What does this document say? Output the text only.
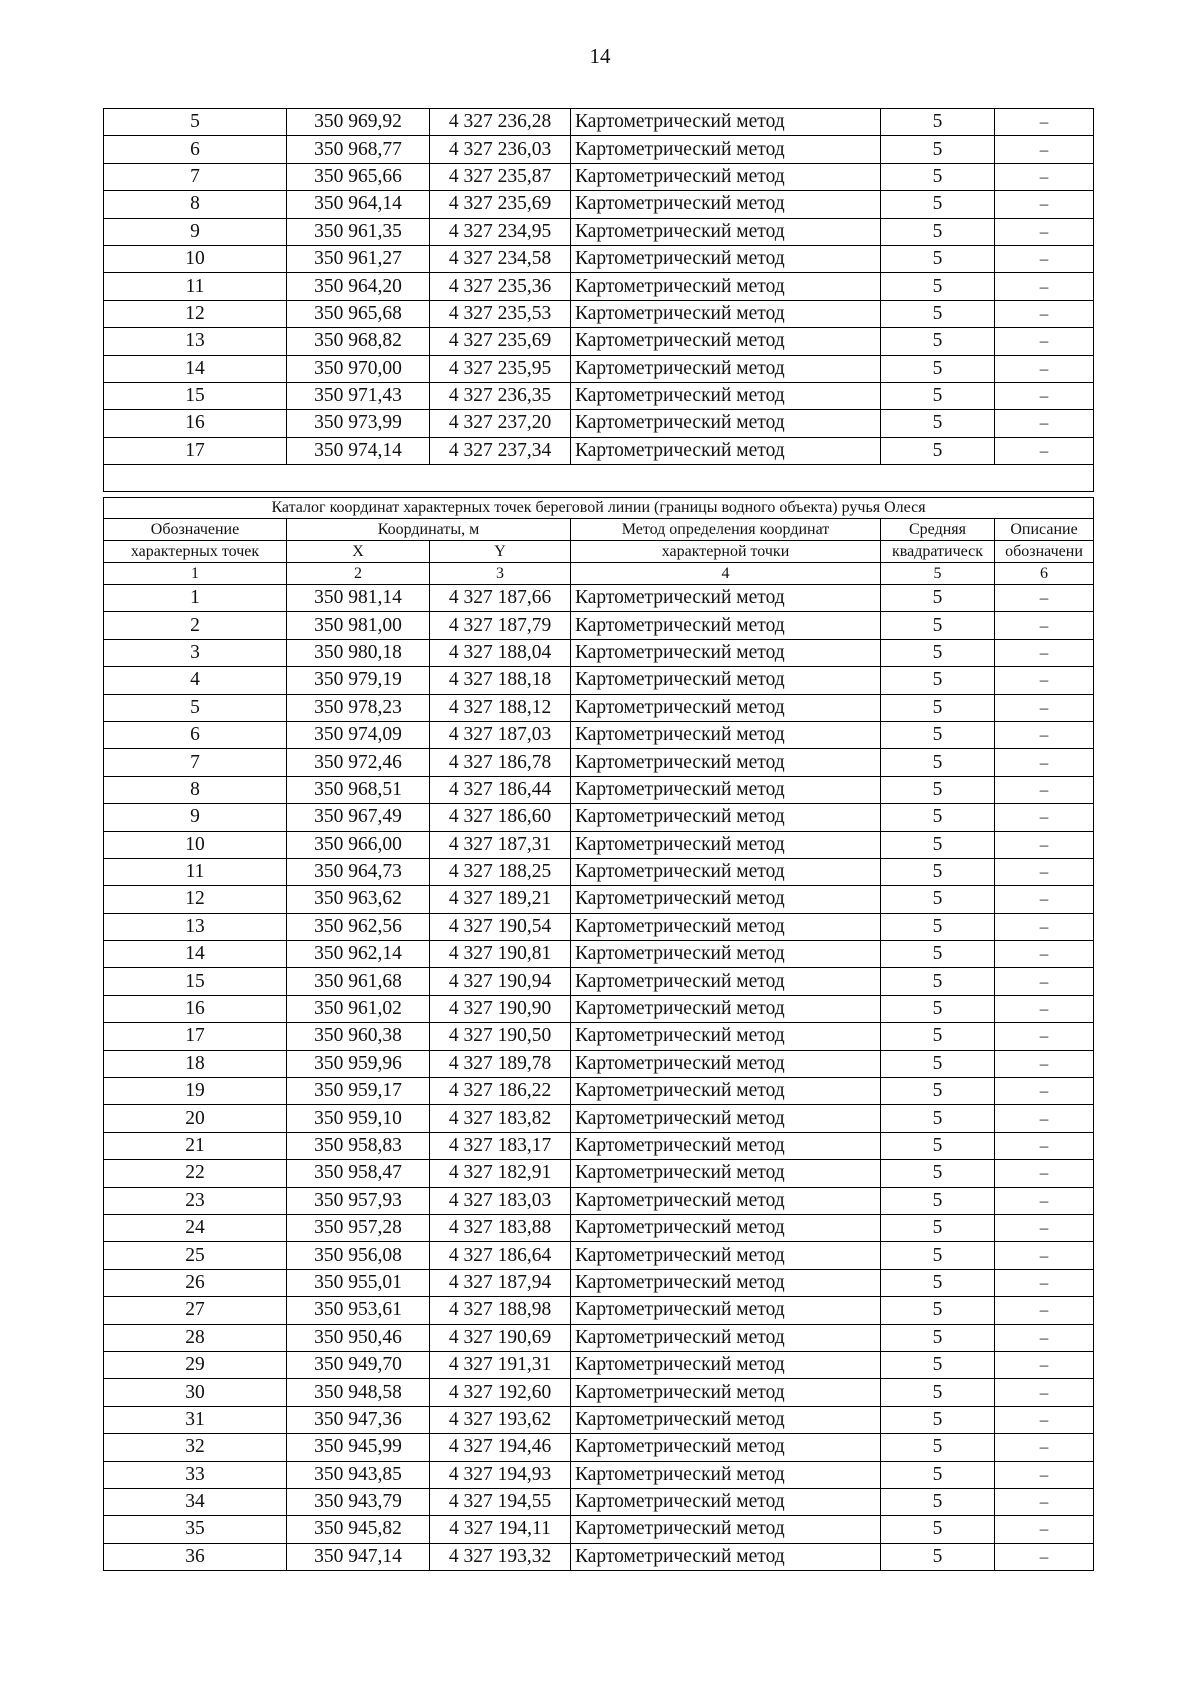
14
5	350 969,92	4 327 236,28	Картометрический метод	5	–
6	350 968,77	4 327 236,03	Картометрический метод	5	–
7	350 965,66	4 327 235,87	Картометрический метод	5	–
8	350 964,14	4 327 235,69	Картометрический метод	5	–
9	350 961,35	4 327 234,95	Картометрический метод	5	–
10	350 961,27	4 327 234,58	Картометрический метод	5	–
11	350 964,20	4 327 235,36	Картометрический метод	5	–
12	350 965,68	4 327 235,53	Картометрический метод	5	–
13	350 968,82	4 327 235,69	Картометрический метод	5	–
14	350 970,00	4 327 235,95	Картометрический метод	5	–
15	350 971,43	4 327 236,35	Картометрический метод	5	–
16	350 973,99	4 327 237,20	Картометрический метод	5	–
17	350 974,14	4 327 237,34	Картометрический метод	5	–

Каталог координат характерных точек береговой линии (границы водного объекта) ручья Олеся					
Обозначение	Координаты, м		Метод определения координат	Средняя	Описание
характерных точек	X	Y	характерной точки	квадратическ	обозначени
1	2	3	4	5	6
1	350 981,14	4 327 187,66	Картометрический метод	5	–
2	350 981,00	4 327 187,79	Картометрический метод	5	–
3	350 980,18	4 327 188,04	Картометрический метод	5	–
4	350 979,19	4 327 188,18	Картометрический метод	5	–
5	350 978,23	4 327 188,12	Картометрический метод	5	–
6	350 974,09	4 327 187,03	Картометрический метод	5	–
7	350 972,46	4 327 186,78	Картометрический метод	5	–
8	350 968,51	4 327 186,44	Картометрический метод	5	–
9	350 967,49	4 327 186,60	Картометрический метод	5	–
10	350 966,00	4 327 187,31	Картометрический метод	5	–
11	350 964,73	4 327 188,25	Картометрический метод	5	–
12	350 963,62	4 327 189,21	Картометрический метод	5	–
13	350 962,56	4 327 190,54	Картометрический метод	5	–
14	350 962,14	4 327 190,81	Картометрический метод	5	–
15	350 961,68	4 327 190,94	Картометрический метод	5	–
16	350 961,02	4 327 190,90	Картометрический метод	5	–
17	350 960,38	4 327 190,50	Картометрический метод	5	–
18	350 959,96	4 327 189,78	Картометрический метод	5	–
19	350 959,17	4 327 186,22	Картометрический метод	5	–
20	350 959,10	4 327 183,82	Картометрический метод	5	–
21	350 958,83	4 327 183,17	Картометрический метод	5	–
22	350 958,47	4 327 182,91	Картометрический метод	5	–
23	350 957,93	4 327 183,03	Картометрический метод	5	–
24	350 957,28	4 327 183,88	Картометрический метод	5	–
25	350 956,08	4 327 186,64	Картометрический метод	5	–
26	350 955,01	4 327 187,94	Картометрический метод	5	–
27	350 953,61	4 327 188,98	Картометрический метод	5	–
28	350 950,46	4 327 190,69	Картометрический метод	5	–
29	350 949,70	4 327 191,31	Картометрический метод	5	–
30	350 948,58	4 327 192,60	Картометрический метод	5	–
31	350 947,36	4 327 193,62	Картометрический метод	5	–
32	350 945,99	4 327 194,46	Картометрический метод	5	–
33	350 943,85	4 327 194,93	Картометрический метод	5	–
34	350 943,79	4 327 194,55	Картометрический метод	5	–
35	350 945,82	4 327 194,11	Картометрический метод	5	–
36	350 947,14	4 327 193,32	Картометрический метод	5	–
